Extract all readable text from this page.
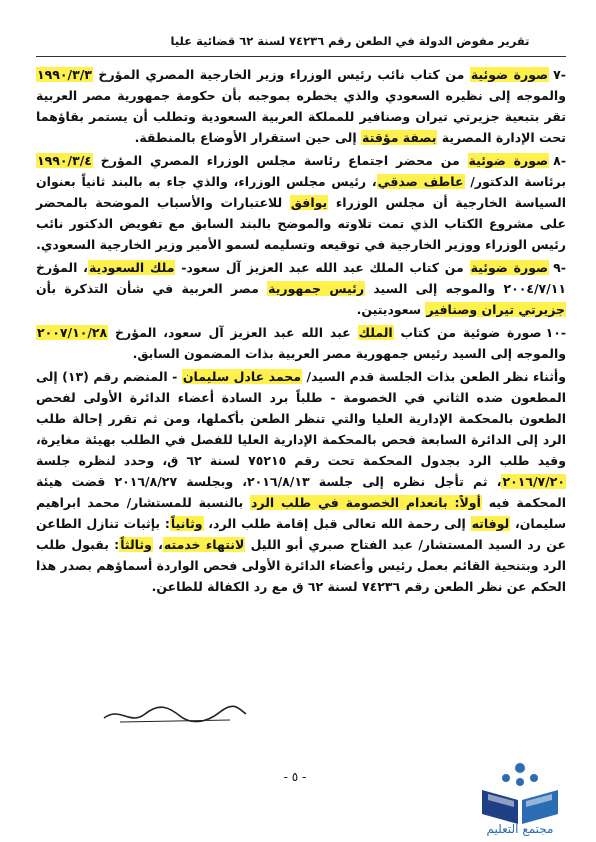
تقرير مفوض الدولة في الطعن رقم ٧٤٢٣٦ لسنة ٦٢ قضائية عليا

-٧صورة ضوئية من كتاب نائب رئيس الوزراء وزير الخارجية المصري المؤرخ ١٩٩٠/٣/٣ والموجه إلى نظيره السعودي والذي يخطره بموجبه بأن حكومة جمهورية مصر العربية تقر بتبعية جزيرتي تيران وصنافير للمملكة العربية السعودية وتطلب أن يستمر بقاؤهما تحت الإدارة المصرية بصفة مؤقتة إلى حين استقرار الأوضاع بالمنطقة.

-٨صورة ضوئية من محضر اجتماع رئاسة مجلس الوزراء المصري المؤرخ ١٩٩٠/٣/٤ برئاسة الدكتور/ عاطف صدقي، رئيس مجلس الوزراء، والذي جاء به بالبند ثانياً بعنوان السياسة الخارجية أن مجلس الوزراء يوافق للاعتبارات والأسباب الموضحة بالمحضر على مشروع الكتاب الذي تمت تلاوته والموضح بالبند السابق مع تفويض الدكتور نائب رئيس الوزراء ووزير الخارجية في توقيعه وتسليمه لسمو الأمير وزير الخارجية السعودي.

-٩صورة ضوئية من كتاب الملك عبد الله عبد العزيز آل سعود- ملك السعودية، المؤرخ ٢٠٠٤/٧/١١ والموجه إلى السيد رئيس جمهورية مصر العربية في شأن التذكرة بأن جزيرتي تيران وصنافير سعوديتين.

-١٠صورة ضوئية من كتاب الملك عبد الله عبد العزيز آل سعود، المؤرخ ٢٠٠٧/١٠/٢٨ والموجه إلى السيد رئيس جمهورية مصر العربية بذات المضمون السابق.

وأثناء نظر الطعن بذات الجلسة قدم السيد/ محمد عادل سليمان - المنضم رقم (١٣) إلى المطعون ضده الثاني في الخصومة - طلباً برد السادة أعضاء الدائرة الأولى لفحص الطعون بالمحكمة الإدارية العليا والتي تنظر الطعن بأكملها، ومن ثم تقرر إحالة طلب الرد إلى الدائرة السابعة فحص بالمحكمة الإدارية العليا للفصل في الطلب بهيئة مغايرة، وقيد طلب الرد بجدول المحكمة تحت رقم ٧٥٢١٥ لسنة ٦٢ ق، وحدد لنظره جلسة ٢٠١٦/٧/٢٠، ثم تأجل نظره إلى جلسة ٢٠١٦/٨/١٣، وبجلسة ٢٠١٦/٨/٢٧ قضت هيئة المحكمة فيه أولاً: بانعدام الخصومة في طلب الرد بالنسبة للمستشار/ محمد ابراهيم سليمان، لوفاته إلى رحمة الله تعالى قبل إقامة طلب الرد، وثانياً: بإثبات تنازل الطاعن عن رد السيد المستشار/ عبد الفتاح صبري أبو الليل لانتهاء خدمته، وثالثاً: بقبول طلب الرد وبتنحية القائم بعمل رئيس وأعضاء الدائرة الأولى فحص الواردة أسماؤهم بصدر هذا الحكم عن نظر الطعن رقم ٧٤٢٣٦ لسنة ٦٢ ق مع رد الكفالة للطاعن.

- ٥ -
مجتمع التعليم
